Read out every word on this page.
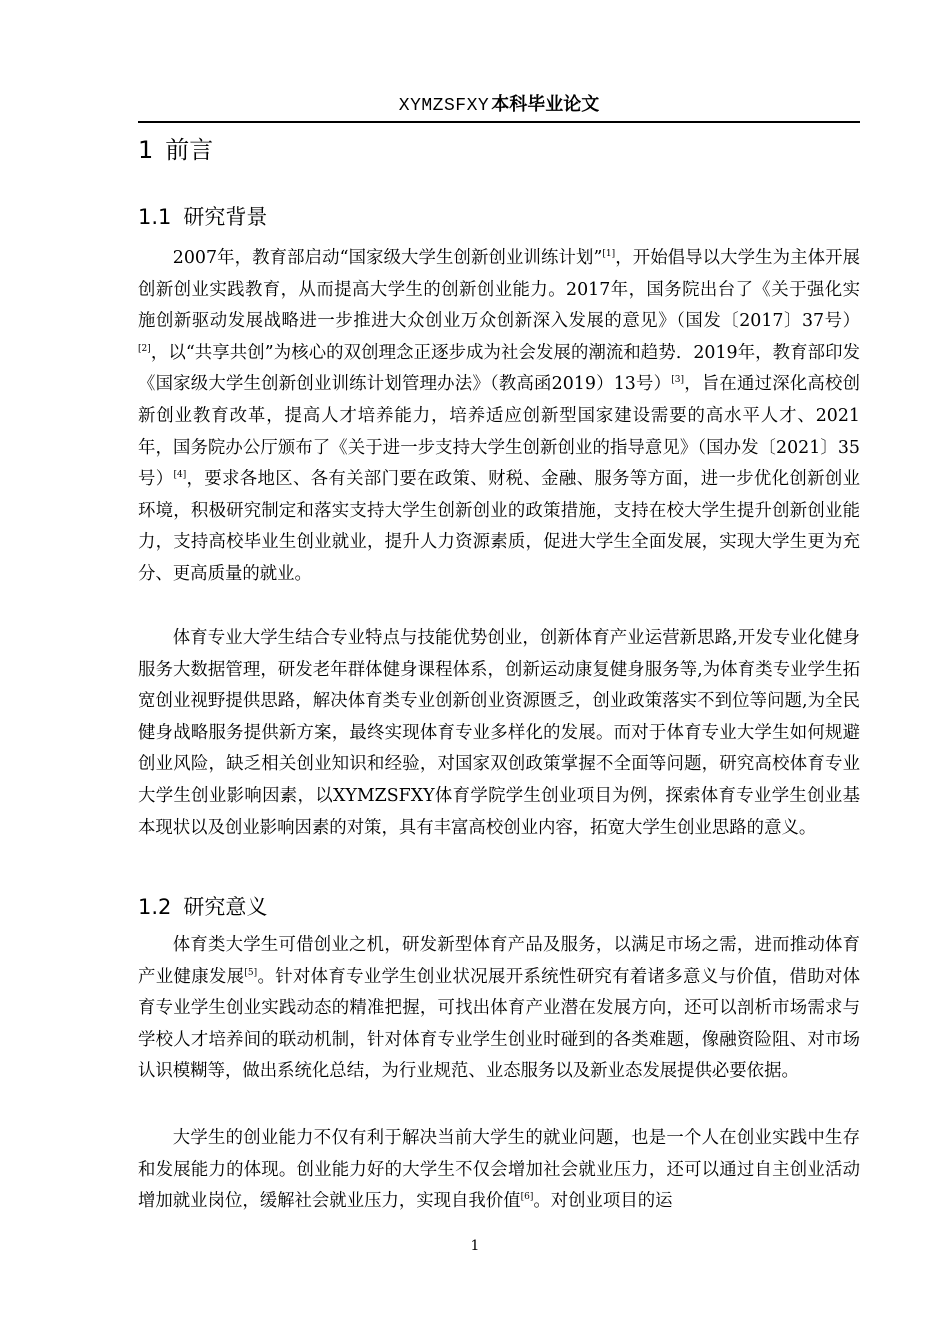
XYMZSFXY 本科毕业论文
1 前言
1.1 研究背景

2007年，教育部启动“国家级大学生创新创业训练计划”[1]，开始倡导以大学生为主体开展创新创业实践教育，从而提高大学生的创新创业能力。2017年，国务院出台了《关于强化实施创新驱动发展战略进一步推进大众创业万众创新深入发展的意见》（国发〔2017〕37号）[2]，以“共享共创”为核心的双创理念正逐步成为社会发展的潮流和趋势．2019年，教育部印发《国家级大学生创新创业训练计划管理办法》（教高函2019）13号）[3]，旨在通过深化高校创新创业教育改革，提高人才培养能力，培养适应创新型国家建设需要的高水平人才、2021年，国务院办公厅颁布了《关于进一步支持大学生创新创业的指导意见》（国办发〔2021〕35 号）[4]，要求各地区、各有关部门要在政策、财税、金融、服务等方面，进一步优化创新创业环境，积极研究制定和落实支持大学生创新创业的政策措施，支持在校大学生提升创新创业能力，支持高校毕业生创业就业，提升人力资源素质，促进大学生全面发展，实现大学生更为充分、更高质量的就业。

体育专业大学生结合专业特点与技能优势创业，创新体育产业运营新思路,开发专业化健身服务大数据管理，研发老年群体健身课程体系，创新运动康复健身服务等,为体育类专业学生拓宽创业视野提供思路，解决体育类专业创新创业资源匮乏，创业政策落实不到位等问题,为全民健身战略服务提供新方案，最终实现体育专业多样化的发展。而对于体育专业大学生如何规避创业风险，缺乏相关创业知识和经验，对国家双创政策掌握不全面等问题，研究高校体育专业大学生创业影响因素，以XYMZSFXY体育学院学生创业项目为例，探索体育专业学生创业基本现状以及创业影响因素的对策，具有丰富高校创业内容，拓宽大学生创业思路的意义。

1.2 研究意义

体育类大学生可借创业之机，研发新型体育产品及服务，以满足市场之需，进而推动体育产业健康发展[5]。针对体育专业学生创业状况展开系统性研究有着诸多意义与价值，借助对体育专业学生创业实践动态的精准把握，可找出体育产业潜在发展方向，还可以剖析市场需求与学校人才培养间的联动机制，针对体育专业学生创业时碰到的各类难题，像融资险阻、对市场认识模糊等，做出系统化总结，为行业规范、业态服务以及新业态发展提供必要依据。

大学生的创业能力不仅有利于解决当前大学生的就业问题，也是一个人在创业实践中生存和发展能力的体现。创业能力好的大学生不仅会增加社会就业压力，还可以通过自主创业活动增加就业岗位，缓解社会就业压力，实现自我价值[6]。对创业项目的运

1
